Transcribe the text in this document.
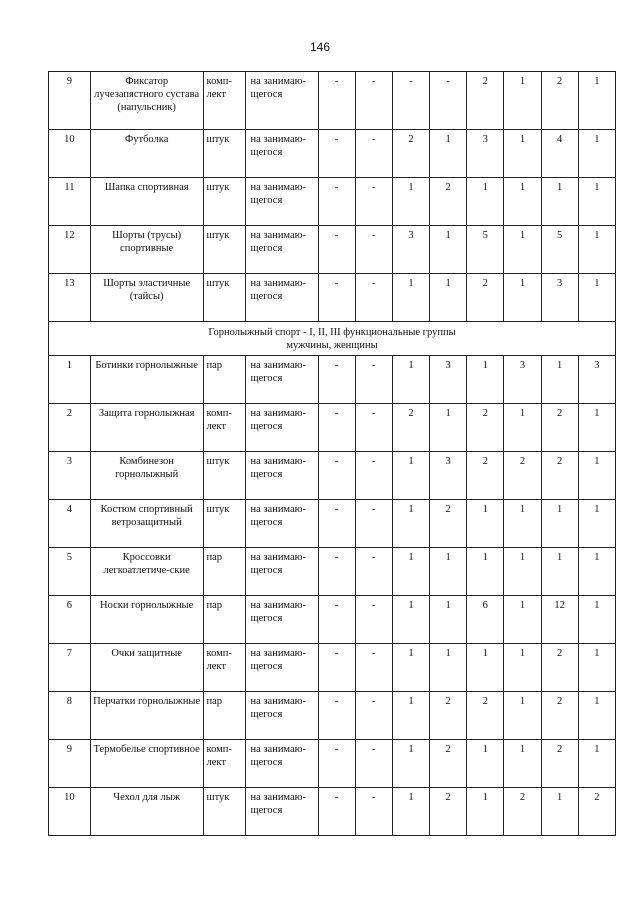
146
9	Фиксатор лучезапястного сустава (напульсник)	комп-лект	на занимаю-щегося	-	-	-	-	2	1	2	1
10	Футболка	штук	на занимаю-щегося	-	-	2	1	3	1	4	1
11	Шапка спортивная	штук	на занимаю-щегося	-	-	1	2	1	1	1	1
12	Шорты (трусы) спортивные	штук	на занимаю-щегося	-	-	3	1	5	1	5	1
13	Шорты эластичные (тайсы)	штук	на занимаю-щегося	-	-	1	1	2	1	3	1
Горнолыжный спорт - I, II, III функциональные группы
мужчины, женщины											
1	Ботинки горнолыжные	пар	на занимаю-щегося	-	-	1	3	1	3	1	3
2	Защита горнолыжная	комп-лект	на занимаю-щегося	-	-	2	1	2	1	2	1
3	Комбинезон горнолыжный	штук	на занимаю-щегося	-	-	1	3	2	2	2	1
4	Костюм спортивный ветрозащитный	штук	на занимаю-щегося	-	-	1	2	1	1	1	1
5	Кроссовки легкоатлетиче-ские	пар	на занимаю-щегося	-	-	1	1	1	1	1	1
6	Носки горнолыжные	пар	на занимаю-щегося	-	-	1	1	6	1	12	1
7	Очки защитные	комп-лект	на занимаю-щегося	-	-	1	1	1	1	2	1
8	Перчатки горнолыжные	пар	на занимаю-щегося	-	-	1	2	2	1	2	1
9	Термобелье спортивное	комп-лект	на занимаю-щегося	-	-	1	2	1	1	2	1
10	Чехол для лыж	штук	на занимаю-щегося	-	-	1	2	1	2	1	2
